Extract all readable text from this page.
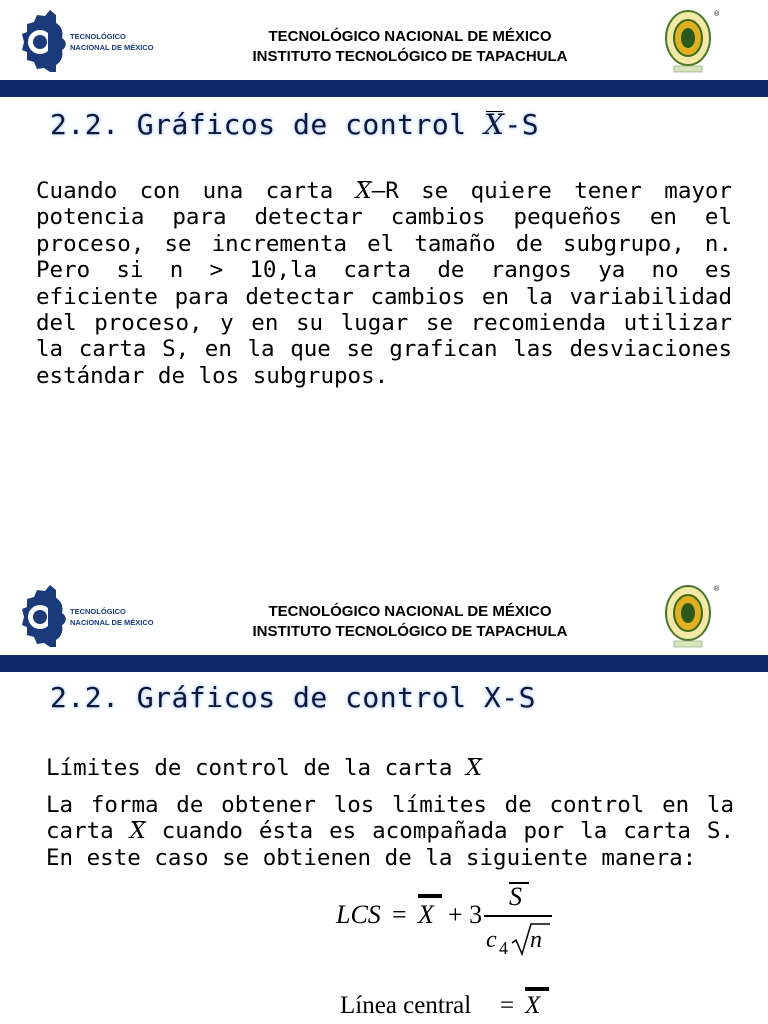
TECNOLÓGICO
NACIONAL DE MÉXICO
TECNOLÓGICO NACIONAL DE MÉXICO
INSTITUTO TECNOLÓGICO DE TAPACHULA
®
2.2. Gráficos de control X-S
Cuando con una carta X–R se quiere tener mayor potencia para detectar cambios pequeños en el proceso, se incrementa el tamaño de subgrupo, n. Pero si n > 10,la carta de rangos ya no es eficiente para detectar cambios en la variabilidad del proceso, y en su lugar se recomienda utilizar la carta S, en la que se grafican las desviaciones estándar de los subgrupos.
TECNOLÓGICO
NACIONAL DE MÉXICO
TECNOLÓGICO NACIONAL DE MÉXICO
INSTITUTO TECNOLÓGICO DE TAPACHULA
®
2.2. Gráficos de control X-S
Límites de control de la carta X
La forma de obtener los límites de control en la carta X cuando ésta es acompañada por la carta S. En este caso se obtienen de la siguiente manera:
LCS = X + 3
S
c 4 n
Línea central = X
